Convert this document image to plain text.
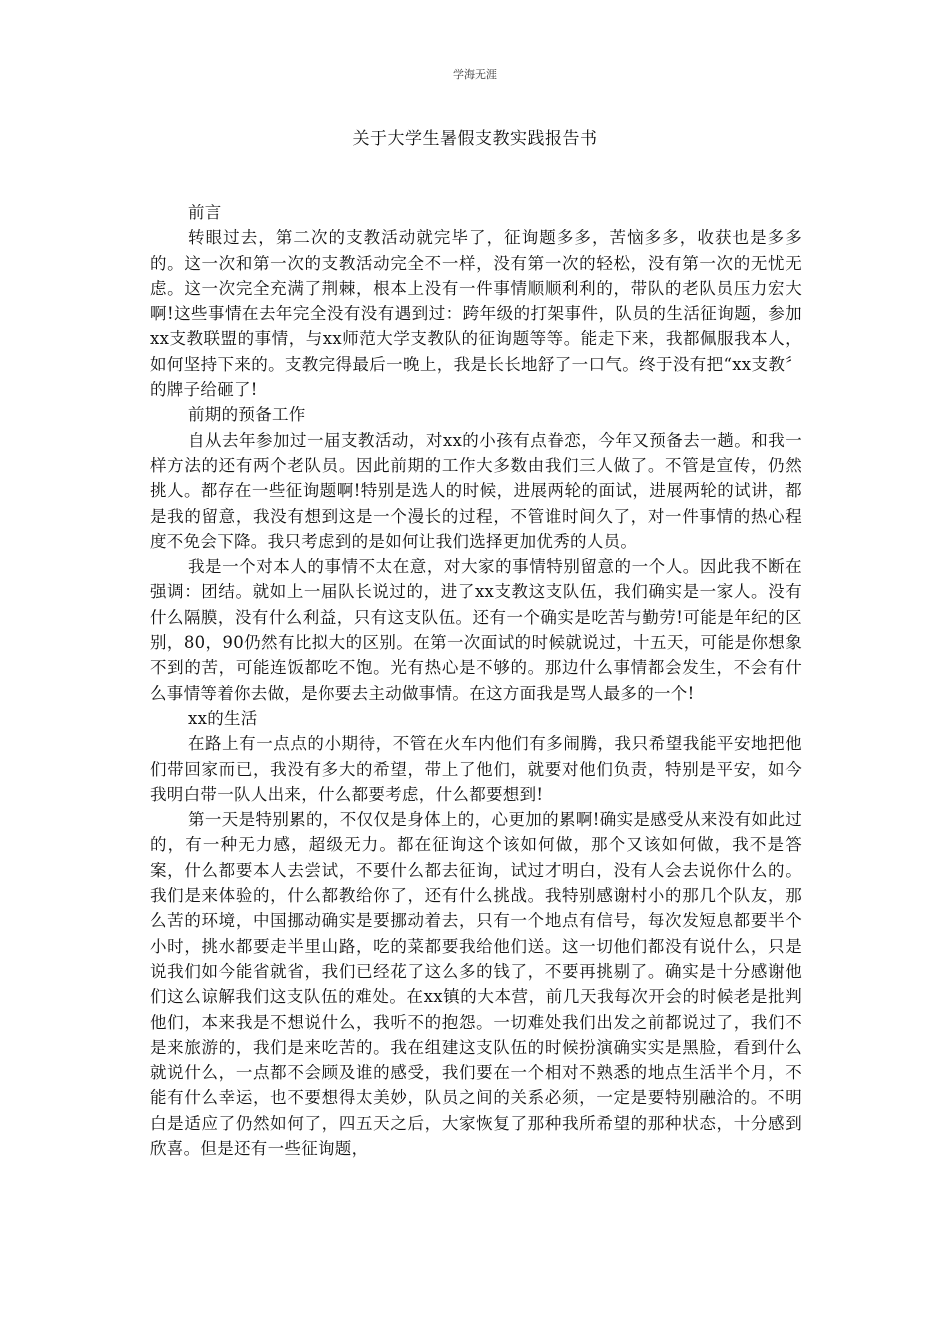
学海无涯
关于大学生暑假支教实践报告书

前言

转眼过去，第二次的支教活动就完毕了，征询题多多，苦恼多多，收获也是多多的。这一次和第一次的支教活动完全不一样，没有第一次的轻松，没有第一次的无忧无虑。这一次完全充满了荆棘，根本上没有一件事情顺顺利利的，带队的老队员压力宏大啊!这些事情在去年完全没有没有遇到过：跨年级的打架事件，队员的生活征询题，参加xx支教联盟的事情，与xx师范大学支教队的征询题等等。能走下来，我都佩服我本人，如何坚持下来的。支教完得最后一晚上，我是长长地舒了一口气。终于没有把“xx支教〞的牌子给砸了!

前期的预备工作

自从去年参加过一届支教活动，对xx的小孩有点眷恋，今年又预备去一趟。和我一样方法的还有两个老队员。因此前期的工作大多数由我们三人做了。不管是宣传，仍然挑人。都存在一些征询题啊!特别是选人的时候，进展两轮的面试，进展两轮的试讲，都是我的留意，我没有想到这是一个漫长的过程，不管谁时间久了，对一件事情的热心程度不免会下降。我只考虑到的是如何让我们选择更加优秀的人员。

我是一个对本人的事情不太在意，对大家的事情特别留意的一个人。因此我不断在强调：团结。就如上一届队长说过的，进了xx支教这支队伍，我们确实是一家人。没有什么隔膜，没有什么利益，只有这支队伍。还有一个确实是吃苦与勤劳!可能是年纪的区别，80，90仍然有比拟大的区别。在第一次面试的时候就说过，十五天，可能是你想象不到的苦，可能连饭都吃不饱。光有热心是不够的。那边什么事情都会发生，不会有什么事情等着你去做，是你要去主动做事情。在这方面我是骂人最多的一个!

xx的生活

在路上有一点点的小期待，不管在火车内他们有多闹腾，我只希望我能平安地把他们带回家而已，我没有多大的希望，带上了他们，就要对他们负责，特别是平安，如今我明白带一队人出来，什么都要考虑，什么都要想到!

第一天是特别累的，不仅仅是身体上的，心更加的累啊!确实是感受从来没有如此过的，有一种无力感，超级无力。都在征询这个该如何做，那个又该如何做，我不是答案，什么都要本人去尝试，不要什么都去征询，试过才明白，没有人会去说你什么的。我们是来体验的，什么都教给你了，还有什么挑战。我特别感谢村小的那几个队友，那么苦的环境，中国挪动确实是要挪动着去，只有一个地点有信号，每次发短息都要半个小时，挑水都要走半里山路，吃的菜都要我给他们送。这一切他们都没有说什么，只是说我们如今能省就省，我们已经花了这么多的钱了，不要再挑剔了。确实是十分感谢他们这么谅解我们这支队伍的难处。在xx镇的大本营，前几天我每次开会的时候老是批判他们，本来我是不想说什么，我听不的抱怨。一切难处我们出发之前都说过了，我们不是来旅游的，我们是来吃苦的。我在组建这支队伍的时候扮演确实实是黑脸，看到什么就说什么，一点都不会顾及谁的感受，我们要在一个相对不熟悉的地点生活半个月，不能有什么幸运，也不要想得太美妙，队员之间的关系必须，一定是要特别融洽的。不明白是适应了仍然如何了，四五天之后，大家恢复了那种我所希望的那种状态，十分感到欣喜。但是还有一些征询题，
